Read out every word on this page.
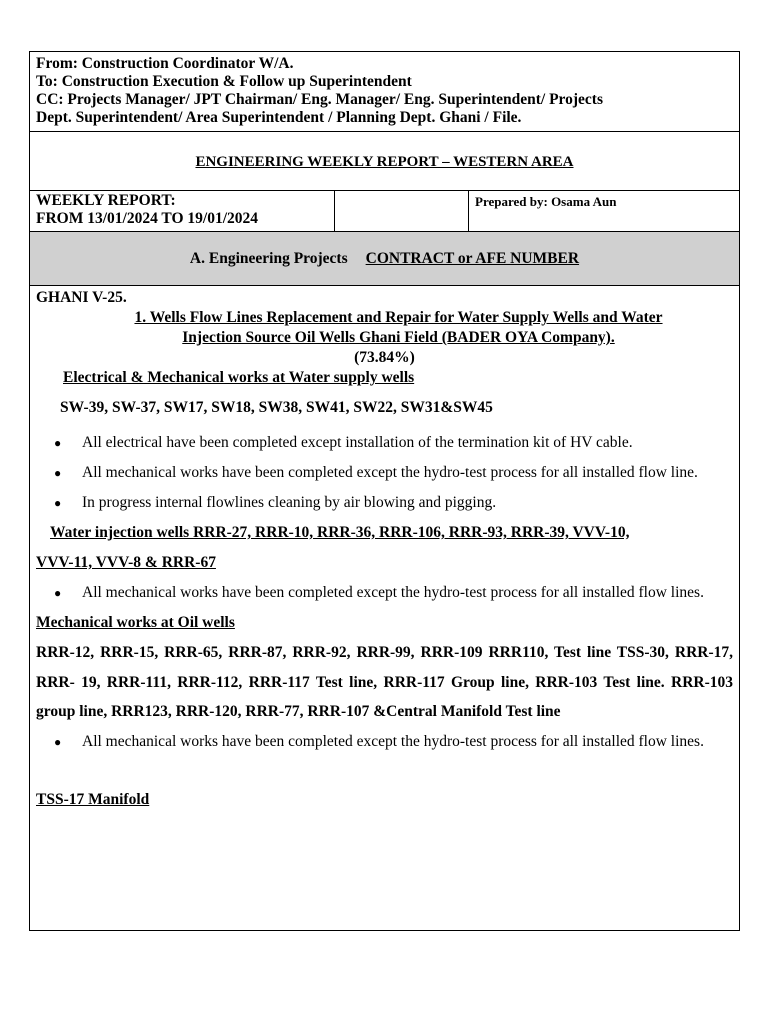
From: Construction Coordinator W/A.
To: Construction Execution & Follow up Superintendent
CC: Projects Manager/ JPT Chairman/ Eng. Manager/ Eng. Superintendent/ Projects
Dept. Superintendent/ Area Superintendent / Planning Dept. Ghani / File.
ENGINEERING WEEKLY REPORT – WESTERN AREA
WEEKLY REPORT:
FROM 13/01/2024 TO 19/01/2024
Prepared by: Osama Aun
A. Engineering Projects CONTRACT or AFE NUMBER
GHANI V-25.
1. Wells Flow Lines Replacement and Repair for Water Supply Wells and Water
Injection Source Oil Wells Ghani Field (BADER OYA Company).
(73.84%)
Electrical & Mechanical works at Water supply wells
SW-39, SW-37, SW17, SW18, SW38, SW41, SW22, SW31&SW45
●	All electrical have been completed except installation of the termination kit of HV cable.
●	All mechanical works have been completed except the hydro-test process for all installed flow line.
●	In progress internal flowlines cleaning by air blowing and pigging.
Water injection wells RRR-27, RRR-10, RRR-36, RRR-106, RRR-93, RRR-39, VVV-10,
VVV-11, VVV-8 & RRR-67
●	All mechanical works have been completed except the hydro-test process for all installed flow lines.
Mechanical works at Oil wells
RRR-12, RRR-15, RRR-65, RRR-87, RRR-92, RRR-99, RRR-109 RRR110, Test line TSS-30, RRR-17, RRR- 19, RRR-111, RRR-112, RRR-117 Test line, RRR-117 Group line, RRR-103 Test line. RRR-103 group line, RRR123, RRR-120, RRR-77, RRR-107 &Central Manifold Test line
●	All mechanical works have been completed except the hydro-test process for all installed flow lines.
TSS-17 Manifold
